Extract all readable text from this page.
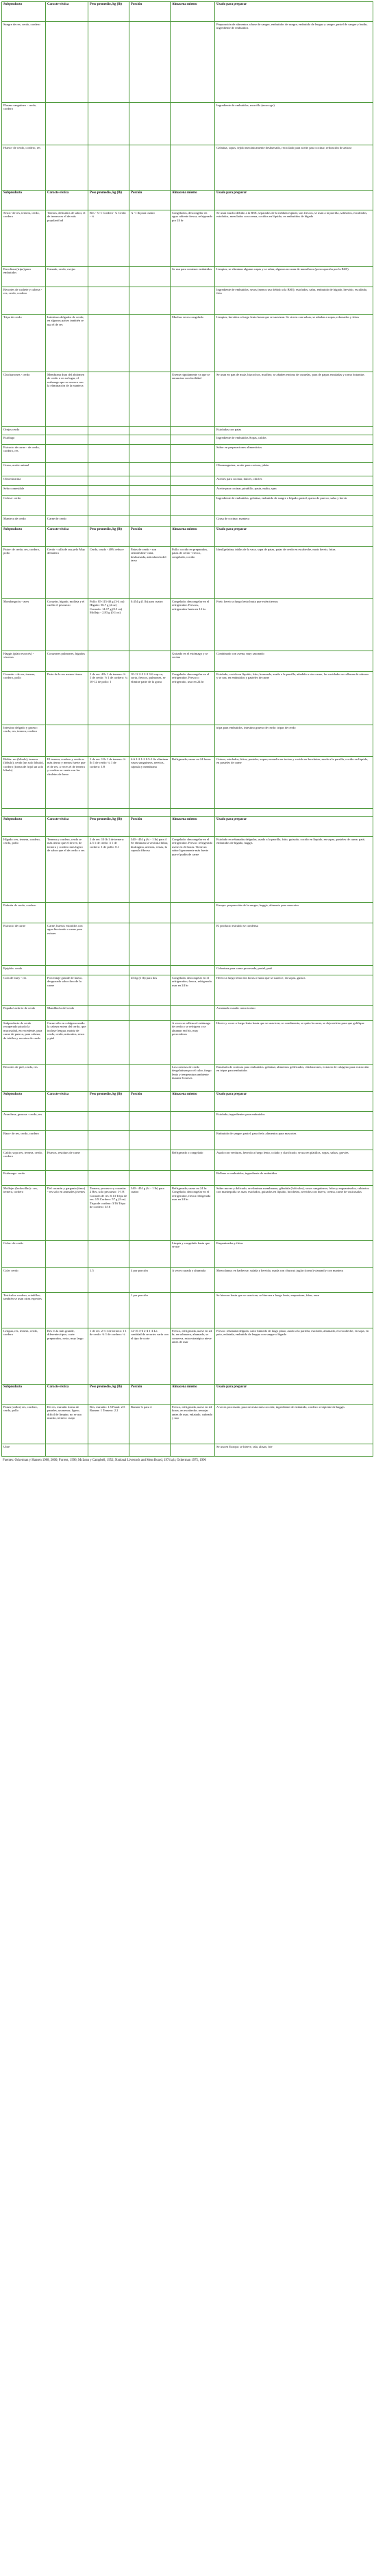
Subproducto	Caracte-rística	Peso promedio, kg (lb)	Porción	Almacena miento	Usado para preparar
Sangre de res, cerdo, cordero					Preparación de alimentos a base de sangre, embutidos de sangre, embutido de lengua y sangre, pastel de sangre y budín, ingrediente de embutidos
Plasma sanguíneo - cerdo, cordero					Ingrediente de embutidos, morcilla (morcogo)
Hueso- de cerdo, cordero, res					Gelatina, sopas, tejido mecánicamente deshuesado, recicilado para aceite para cocinar, refinación de azúcar
Subproducto	Caracte-rística	Peso promedio, kg (lb)	Porción	Almacena miento	Usado para preparar
Sesos- de res, ternera, cerdo, cordero	Tiernos, delicados de sabor, el de ternera es el de más popularid ad	Res - ¾-1 Cordero- ¼ Cerdo - ¼	¼ -1 lb para cuatro	Congelados, descongelar en agua caliente fresca, refrigerado por 24 hr	Se usan mucho debido a la BSE, separados de la médula espinal, son frescos, se usan a la parrilla, salteados, escalfados, estofados, mezclados con crema, cocidos en líquido, en embutidos de hígado
Envoltura (tripa) para embutidos	Ganado, cerdo, ovejas			Se usa para contener embutidos	Limpios, se eliminan algunas capas y se salan, algunos no usan de mamíferos (preocupación por la BSE)
Recortes de cachete y cabeza - res, cerdo, cordero					Ingrediente de embutidos; sesos (menos uso debido a la BSE); estofados, salsa, embutido de hígado, hervido, escalfado, frito
Tripa de cerdo	Intestinos delgados de cerdo; en algunos países también se usa el de res			Muchas veces congelado	Limpios, hervidos a fuego lento hasta que se suavizan. Se sirven con salsas, se añaden a sopas, rebozados y fritos
Chicharrones - cerdo	Membrana dura del abdomen de cerdo o en su lugar, el estómago que se reserva con la eliminación de la manteca			Usense rápidamente ya que se enrancian con facilidad	Se usan en pan de maíz, bizcochos, muffins; se añaden encima de cazuelas, para de papas ensaladas y como botanitas
Orejas cerdo					Estofadas con patas
Estófago					Ingrediente de embutidos Sopas, caldos
Extracto de carne - de cerdo, cordero, res					Sabor en preparaciones alimenticias
Grasa, aceite animal					Oleomargarina, aceite para cocinar, jabón
Oleoestearina					Aceites para cocinar, dulces, chicles
Sebo comestible					Aceite para cocinar, pirañillo, pasta, malta, spm
Colesa- cerdo					Ingrediente de embutidos, gelatina, embutido de sangre e hígado; pastel, queso de puerco, salsa y hervir
Manteca de cerdo	Carne de cerdo				Grasa de cocinar, manteca
Subproducto	Caracte-rística	Peso promedio, kg (lb)	Porción	Almacena miento	Usado para preparar
Patas- de cerdo, res, cordero, pollo	Cerdo - calla de sus pelo Muy delantera	Cerdo, crudo - 48% reduce	Patos de cerdo - son semidesline- rada, deshuesada, articulación del tarso	Pollo: cocido en preparados, patas de cerdo - fresco, congelado, cocido	Ideal/gelatina, tablas de la vaca, sopa de patas, patas de cerdo en escabeche, nazis hervir, fritas
Mondongo/as - aves	Corazón, hígado, molleja y el cuello el pescuezo	Pollo: 85-115-40 g (3-4 oz) Hígado: 56.7 g (2 oz) Corazón: 14.17 g (0.5 oz) Molleja - 2.83 g (0.1 oz)	0.454 g (1 lb) para cuatro	Congelado; descongelar en el refrigerador. Frescos, refrigerados hasta en 12 hr.	Freír, hervir a fuego lento hasta que estén tiernos
Haggis (plato escocés) - vísceras	Corazones pulmones, hígados			Guisado en el estómago y se cocina	Combinado con avena, muy sazonado
Corazón - de res, ternera, cordero, pollo	Parte de la res menos tierna	1 de res: 4 lb 1 de ternera: ¾ 1 de cerdo: ½ 1 de cordero: ¼ 10-12 de pollo: 1	10-12 2-3 2-3 3-6 cap-cu, sorta, frescos, pulmones, se elimine parte de la grasa	Congelado: descongelar en el refrigerador. Fresco o refrigerado, usar en 24 hr	Estofado, cocido en líquido, frito, horneado, asado a la parrilla, añadido a otra carne, las cavidades se rellenan de adereso y se usa, en embutidos y pasteles de carne
Intestino delgado y grueso: cerdo, res, ternera, cordero					tripa para embutidos, intestino grueso de cerdo: tripas de cerdo
Riñón: res (lóbulo), ternera (lóbulo), cerdo (un solo lóbulo), cordero (forma de frijol un solo lóbulo)	El ternera, cordero y cerdo es más tierno y menos fuerte que el de res, a veces el de ternera y cordero se venta con las chuletas de lomo	1 de res: 1 lb 1 de ternera: ¾ lb 1 de cerdo: ¼ 1 de cordero: 1/8	4-6 1-2 1-2 0.5-1 Se eliminan vasos sanguíneos, nervios, cápsula y membrana	Refrigerado; usese en 24 horas	Guisos, estofados, fritos, pasteles, sopas; envuelto en tocino y cocido en brochetas, asado a la parrilla, cocido en líquido, en pasteles de carne

Subproducto	Caracte-rística	Peso promedio, kg (lb)	Porción	Almacena miento	Usado para preparar
Hígado: res, ternera, cordero, cerdo, pollo	Ternera y cordero, cerdo se más tierno que el de res; de ternera y cordero más ligero de sabor que el de cerdo o res	1 de res: 10 lb 1 de ternera: 2.5 1 de cerdo: 3 1 de cordero: 1 de pollo: 0.1	340 - 454 g (¾ - 1 lb) para 4 Se eliminan la vesícula biliar, diafragma, arterias, venas, la capsula fibrosa	Congelado: descongelar en el refrigerador. Fresco: refrigerado usese en 24 horas. Tiene un sabor ligeramente más fuerte que el pudín de carne	Estofado en rebanadas delgadas, asado a la parrilla, frito, guisado, cocido en líquido, en sopas, pasteles de carne, paté, embutidos de hígado, haggis
Pulmón de cerdo, cordero					Europa: preparación de la sangre, haggis, alimento para mascotes
Extracto de carne	Carne, huesos extraídos con agua hirviendo o carne para extraer				El producto extraído se condensa
Epiplón: cerdo					Cobertura para carne procesada, pastel, paté
Cola de buey - res	Porcentaje grande de hueso, desgarrado sabor fino de la carne		454 g (1 lb) para dos	Congelada; descongelar en el refrigerador; fresca, refrigerada usar en 24 hr	Hervir a fuego lento dos horas o hasta que se suavice, en sopas, guisos
Papada/cache te de cerdo	Mandíbul a del cerdo				A menudo curado como tocino
Subproducto de cerdo recuperado picado la mucosidad, en excedente, para carne de puerco, para cabeza, de tobilos y recortes de cerdo	Carne sólo en colágeno unido la cabeza entera del cerdo, que incluye lengua, matriz de cerdo, cerdo, músculos, sesos y piel			A veces se rellena el estómago de cerdo y se refrigera o se ahuman en frío, muy perecederos	Hervir y cocer a fuego lento hasta que se suavicen; se condimenta, se quita la carne, se deja enfriar para que gelifique
Recortes de piel, cerdo, res				Los cortezas de cerdo desgelatinan por el calor, fuego lento y temperatura ambiente durante 6 meses	Emulsión de cortezas para embutidos; gelatina; alimentos gelificados, chicharrones, extracto de colágeno para extracción en tripas para embutidos
Subproducto	Caracte-rística	Peso promedio, kg (lb)	Porción	Almacena miento	Usado para preparar
Arrachera, grasosa - cerdo, res					Estofado; ingredientes para embutidos
Bazo- de res, cerdo, cordero					Embutido de sangre; pastel, para freír; alimentos para mascotes
Caldo; sopa res, ternera, cerdo, cordero	Huesos, residuos de carne			Refrigerado o congelado	Asado con verduras, hervido a fuego lento, colado y clarificado, se usa en platillos, sopas, salsas, gravies
Estómago- cerdo					Relleno se embutidos, ingrediente de embutidos
Mollejas (lechecillas) - res, ternera, cordero	Del corazón y garganta (timo) - res solo en animales jóvenes	Ternera, pecuez o-y corazón: 2 Res, solo pescuezo: 1-1/8 Corazón de res: 0.13 Tripa de res: 1/8 Cordero: 57 g (2 oz) Tripa de cordero: 3/16 Tripa de cordero: 3/16	340 - 454 g (¾ - 1 lb) para cuatro	Refrigerado; usese en 24 hr. Congelado, descongelar en el refrigerador, fresca refrigerada usar en 24 hr	Saber mover y delicado; se eliminan membranas, glándula (folículos), vasos sanguíneos; frítos y enguanteados, cubiertos con mantequilla se asan, estofados, guisados en líquido, brochetas, servidos con huevo, crema, carne de vasicasalas
Colas- de cerdo				Limpia y congelado hasta que se use	Empanizadas y fritas
Cola- cerdo		1.5	4 por porción	A veces curada y ahumada	Mezcolanza; en barbecue, salada y hervida, usada con chucrut; juglar (como) vianand y con manteca
Testículos cordero, criadillas; también se usan otras especies			1 por porción		Se hierven hasta que se suavicen, se hierven a fuego lento, empanizan, fríen, asan
Lengua, res, ternera, cerdo, cordero	Res es la más grande, diferentes tipos, corte preparados, rosto, muy largo	1 de res: 2-3 1 de ternera: 1 1 de cerdo: ¾ 1 de cordero: ¼	12-16 3-6 2-4 1-4 La cantidad de recortes varía con el tipo de corte	Fresco, refrigerada, usese en 24 hr, en salmuera, ahumado, se conserva, esta estratégica nieve antes de usar	Fresco: rebanada delgada, calor húmedo de largo plazo, asado a la parrilla, estofado, ahumado, en escabeche, en sopa, en pato, enlatada, embutido de lengua con sangre o hígado
Subproducto	Caracte-rística	Peso promedio, kg (lb)	Porción	Almacena miento	Usado para preparar
Panza (callos) res, cordero, cerdo, pollo	De res, estriado forma de paneles, un menor, ligero, difícil de limpiar, no se usa mucho, ternero: cuajo	Res, estriado: 1.5 Panal: 2.5 Rumen: 1 Ternero: 2.2	Rumen ¾ para 4	Fresco, refrigerada, usese en 24 horas, en escabeche, remojar antes de usar, enlatado, cubeado y ta;o	A veces procesado, para necesita más cocción; ingrediente de embutido, cordero: recipiente de haggis
Ubre					Se usa en Europa: se hierve, rala, alisan, frie
Fuentes: Ockerman y Hansen 1988, 2000; Forrest, 1996; McLean y Campbell, 1952; National Livestock and Meat Board, 1974 a,b; Ockerman 1975, 1996
